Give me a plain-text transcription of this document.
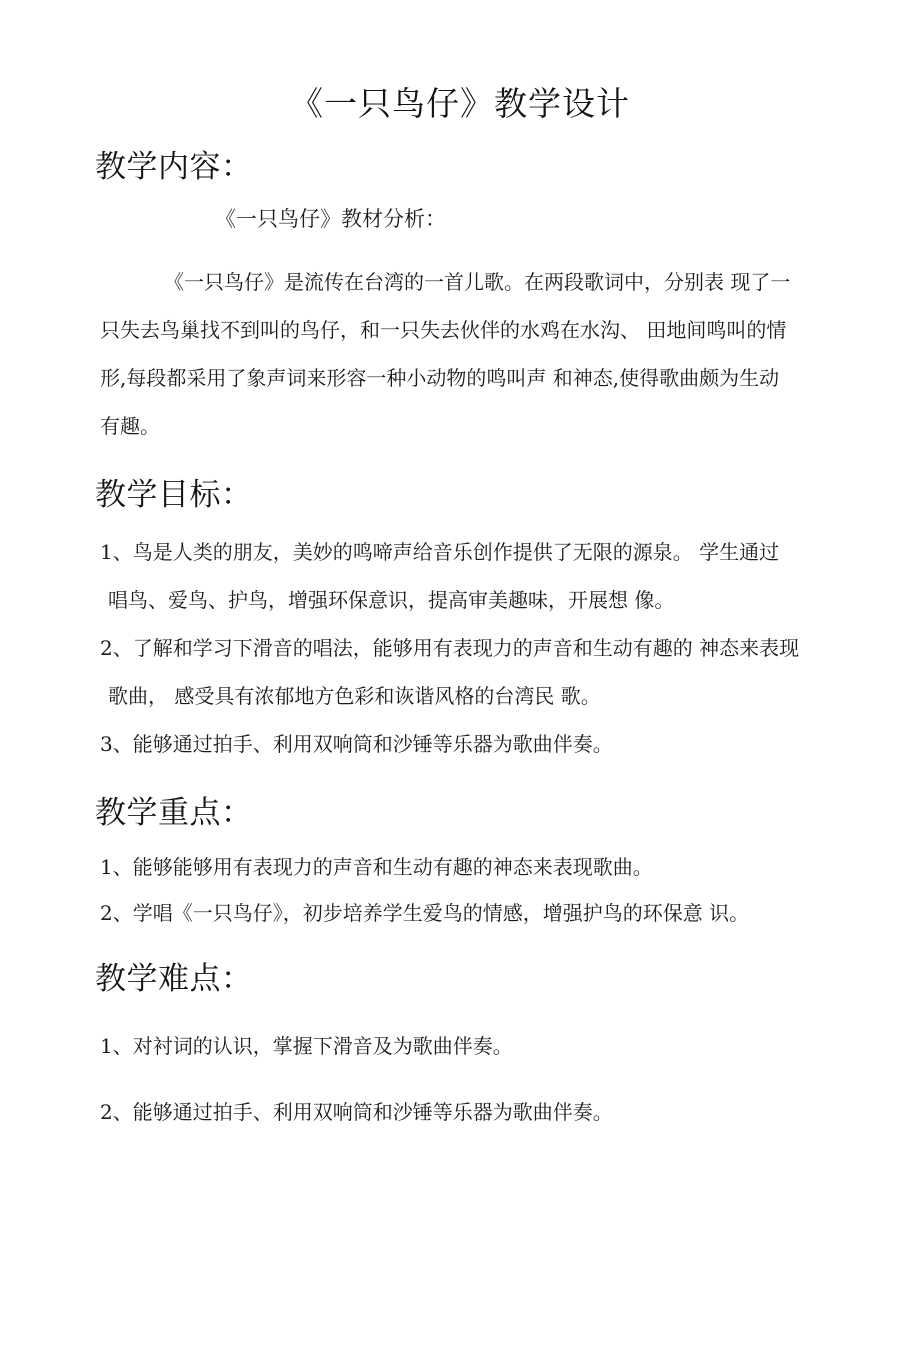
《一只鸟仔》教学设计
教学内容：

《一只鸟仔》教材分析：

《一只鸟仔》是流传在台湾的一首儿歌。在两段歌词中，分别表 现了一
只失去鸟巢找不到叫的鸟仔，和一只失去伙伴的水鸡在水沟、 田地间鸣叫的情
形,每段都采用了象声词来形容一种小动物的鸣叫声 和神态,使得歌曲颇为生动
有趣。
教学目标：
1、鸟是人类的朋友，美妙的鸣啼声给音乐创作提供了无限的源泉。 学生通过
唱鸟、爱鸟、护鸟，增强环保意识，提高审美趣味，开展想 像。
2、了解和学习下滑音的唱法，能够用有表现力的声音和生动有趣的 神态来表现
歌曲， 感受具有浓郁地方色彩和诙谐风格的台湾民 歌。
3、能够通过拍手、利用双响筒和沙锤等乐器为歌曲伴奏。
教学重点：
1、能够能够用有表现力的声音和生动有趣的神态来表现歌曲。
2、学唱《一只鸟仔》，初步培养学生爱鸟的情感，增强护鸟的环保意 识。
教学难点：
1、对衬词的认识，掌握下滑音及为歌曲伴奏。
2、能够通过拍手、利用双响筒和沙锤等乐器为歌曲伴奏。
